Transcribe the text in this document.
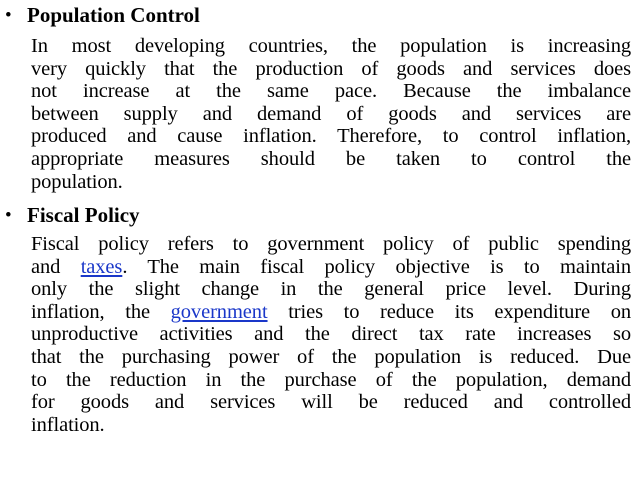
• Population Control
In most developing countries, the population is increasing
very quickly that the production of goods and services does
not increase at the same pace. Because the imbalance
between supply and demand of goods and services are
produced and cause inflation. Therefore, to control inflation,
appropriate measures should be taken to control the
population.
• Fiscal Policy
Fiscal policy refers to government policy of public spending
and taxes. The main fiscal policy objective is to maintain
only the slight change in the general price level. During
inflation, the government tries to reduce its expenditure on
unproductive activities and the direct tax rate increases so
that the purchasing power of the population is reduced. Due
to the reduction in the purchase of the population, demand
for goods and services will be reduced and controlled
inflation.
